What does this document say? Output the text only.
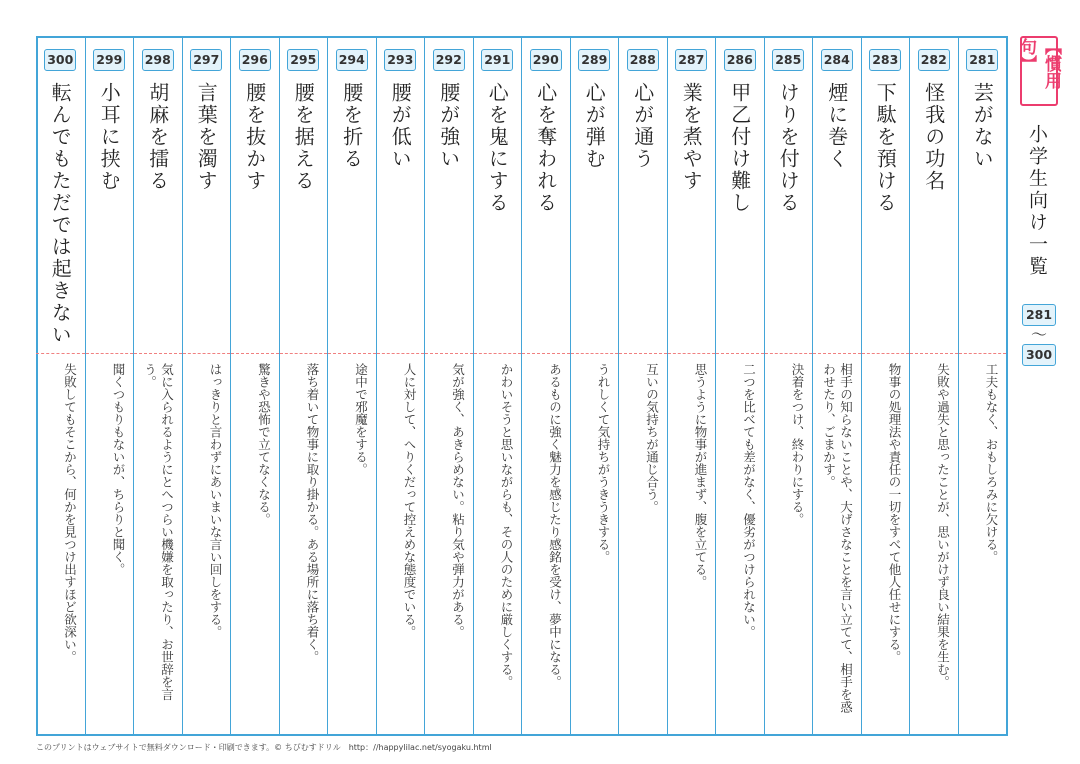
281
芸がない
工夫もなく、おもしろみに欠ける。
282
怪我の功名
失敗や過失と思ったことが、思いがけず良い結果を生む。
283
下駄を預ける
物事の処理法や責任の一切をすべて他人任せにする。
284
煙に巻く
相手の知らないことや、大げさなことを言い立てて、相手を惑わせたり、ごまかす。
285
けりを付ける
決着をつけ、終わりにする。
286
甲乙付け難し
二つを比べても差がなく、優劣がつけられない。
287
業を煮やす
思うように物事が進まず、腹を立てる。
288
心が通う
互いの気持ちが通じ合う。
289
心が弾む
うれしくて気持ちがうきうきする。
290
心を奪われる
あるものに強く魅力を感じたり感銘を受け、夢中になる。
291
心を鬼にする
かわいそうと思いながらも、その人のために厳しくする。
292
腰が強い
気が強く、あきらめない。粘り気や弾力がある。
293
腰が低い
人に対して、へりくだって控えめな態度でいる。
294
腰を折る
途中で邪魔をする。
295
腰を据える
落ち着いて物事に取り掛かる。ある場所に落ち着く。
296
腰を抜かす
驚きや恐怖で立てなくなる。
297
言葉を濁す
はっきりと言わずにあいまいな言い回しをする。
298
胡麻を擂る
気に入られるようにとへつらい機嫌を取ったり、お世辞を言う。
299
小耳に挟む
聞くつもりもないが、ちらりと聞く。
300
転んでもただでは起きない
失敗してもそこから、何かを見つけ出すほど欲深い。
【慣用句】
小学生向け一覧
281
～
300
このプリントはウェブサイトで無料ダウンロード・印刷できます。© ちびむすドリル　http：//happylilac.net/syogaku.html
